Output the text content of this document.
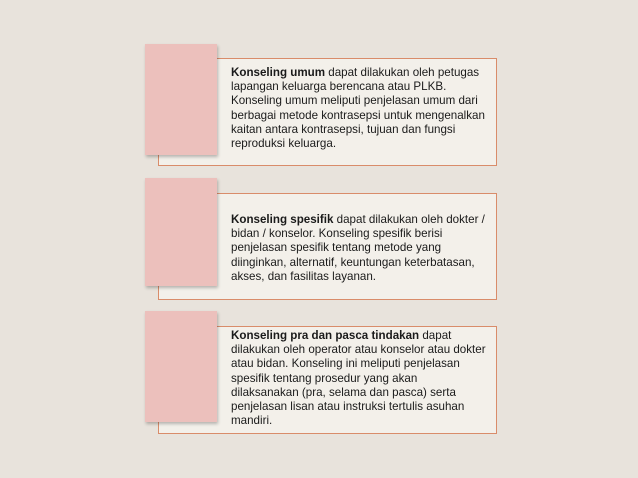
Konseling umum dapat dilakukan oleh petugas lapangan keluarga berencana atau PLKB. Konseling umum meliputi penjelasan umum dari berbagai metode kontrasepsi untuk mengenalkan kaitan antara kontrasepsi, tujuan dan fungsi reproduksi keluarga.
Konseling spesifik dapat dilakukan oleh dokter / bidan / konselor. Konseling spesifik berisi penjelasan spesifik tentang metode yang diinginkan, alternatif, keuntungan keterbatasan, akses, dan fasilitas layanan.
Konseling pra dan pasca tindakan dapat dilakukan oleh operator atau konselor atau dokter atau bidan. Konseling ini meliputi penjelasan spesifik tentang prosedur yang akan dilaksanakan (pra, selama dan pasca) serta penjelasan lisan atau instruksi tertulis asuhan mandiri.
